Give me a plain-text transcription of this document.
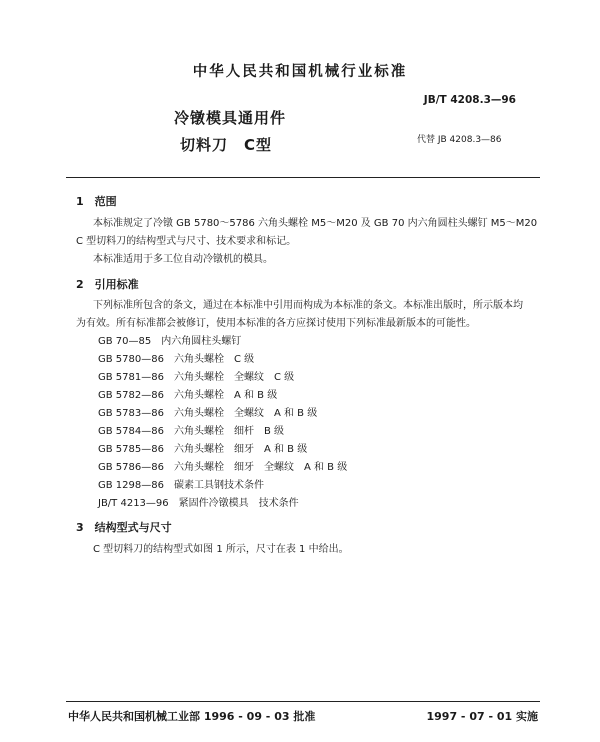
中华人民共和国机械行业标准
JB/T 4208.3—96
冷镦模具通用件
切料刀　C型	代替 JB 4208.3—86
1　范围
本标准规定了冷镦 GB 5780～5786 六角头螺栓 M5～M20 及 GB 70 内六角圆柱头螺钉 M5～M20
C 型切料刀的结构型式与尺寸、技术要求和标记。
本标准适用于多工位自动冷镦机的模具。
2　引用标准
下列标准所包含的条文，通过在本标准中引用而构成为本标准的条文。本标准出版时，所示版本均
为有效。所有标准都会被修订，使用本标准的各方应探讨使用下列标准最新版本的可能性。
GB 70—85　 内六角圆柱头螺钉
GB 5780—86　 六角头螺栓　C 级
GB 5781—86　 六角头螺栓　全螺纹　C 级
GB 5782—86　 六角头螺栓　A 和 B 级
GB 5783—86　 六角头螺栓　全螺纹　A 和 B 级
GB 5784—86　 六角头螺栓　细杆　B 级
GB 5785—86　 六角头螺栓　细牙　A 和 B 级
GB 5786—86　 六角头螺栓　细牙　全螺纹　A 和 B 级
GB 1298—86　 碳素工具钢技术条件
JB/T 4213—96　 紧固件冷镦模具　技术条件
3　结构型式与尺寸
C 型切料刀的结构型式如图 1 所示，尺寸在表 1 中给出。
中华人民共和国机械工业部 1996 - 09 - 03 批准	1997 - 07 - 01 实施
